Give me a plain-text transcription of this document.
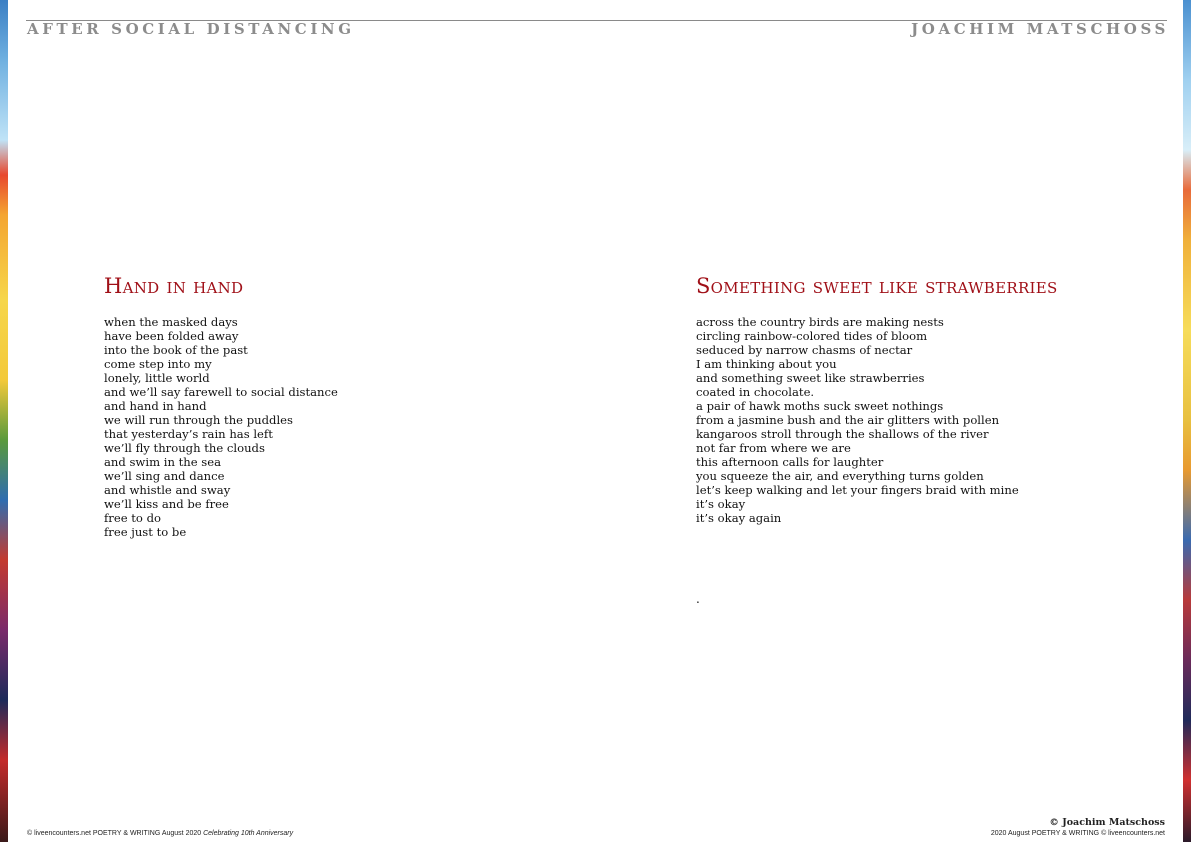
AFTER SOCIAL DISTANCING	JOACHIM MATSCHOSS
Hand in hand
when the masked days
have been folded away
into the book of the past
come step into my
lonely, little world
and we’ll say farewell to social distance
and hand in hand
we will run through the puddles
that yesterday’s rain has left
we’ll fly through the clouds
and swim in the sea
we’ll sing and dance
and whistle and sway
we’ll kiss and be free
free to do
free just to be
Something sweet like strawberries
across the country birds are making nests
circling rainbow-colored tides of bloom
seduced by narrow chasms of nectar
I am thinking about you
and something sweet like strawberries
coated in chocolate.
a pair of hawk moths suck sweet nothings
from a jasmine bush and the air glitters with pollen
kangaroos stroll through the shallows of the river
not far from where we are
this afternoon calls for laughter
you squeeze the air, and everything turns golden
let’s keep walking and let your fingers braid with mine
it’s okay
it’s okay again
.
© liveencounters.net POETRY & WRITING August 2020 Celebrating 10th Anniversary
© Joachim Matschoss
2020 August POETRY & WRITING © liveencounters.net
